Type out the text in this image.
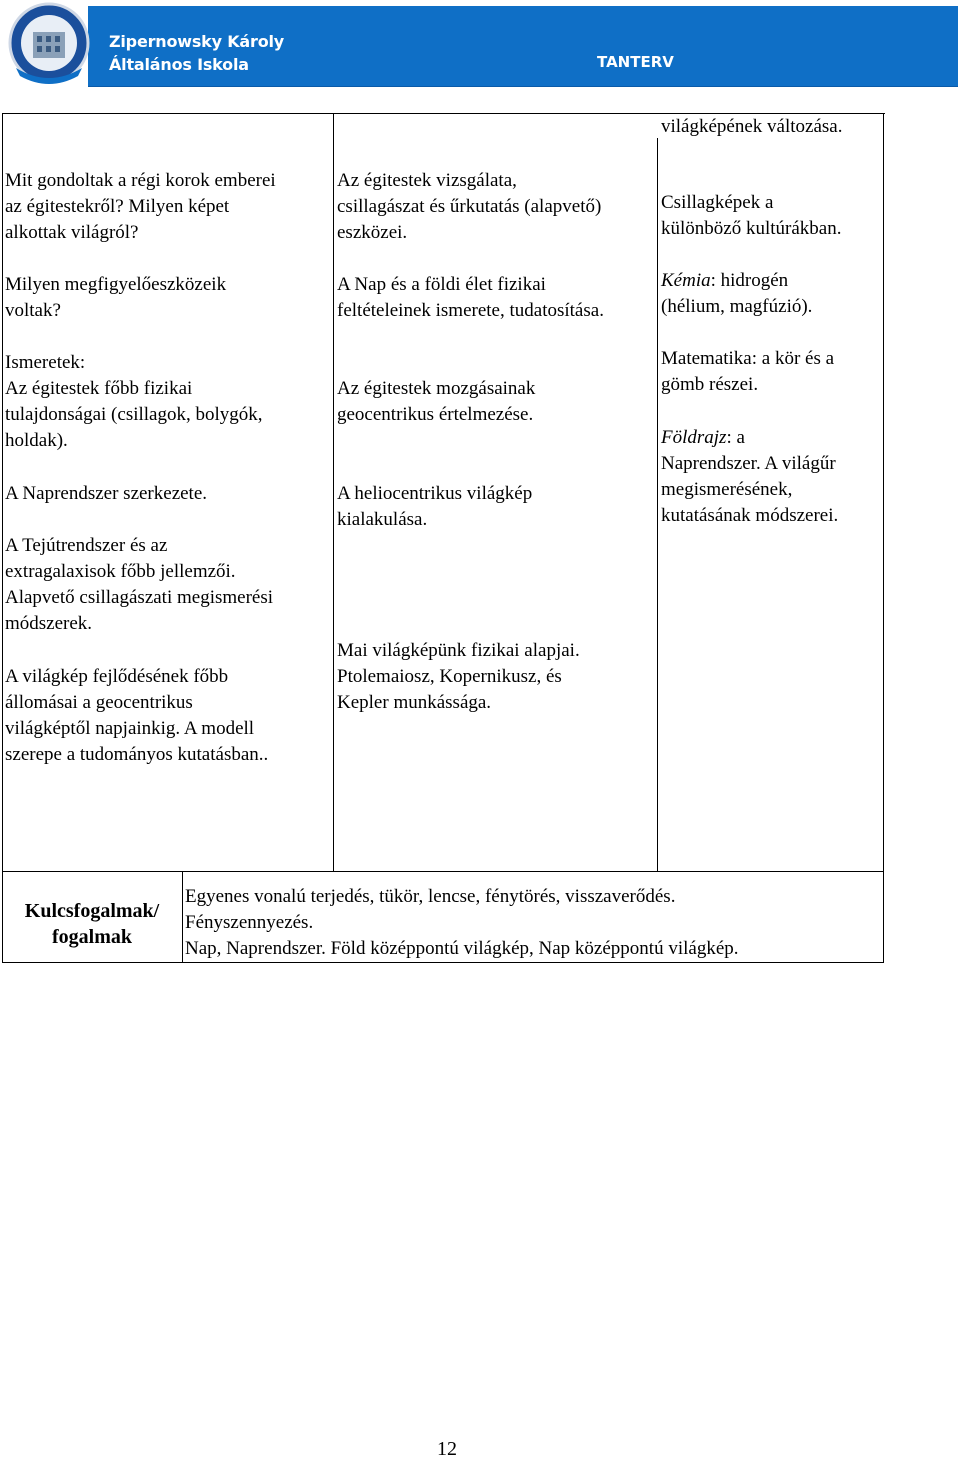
Zipernowsky Károly
Általános Iskola	TANTERV
Mit gondoltak a régi korok emberei
az égitestekről? Milyen képet
alkottak világról?
Milyen megfigyelőeszközeik
voltak?
Ismeretek:
Az égitestek főbb fizikai
tulajdonságai (csillagok, bolygók,
holdak).
A Naprendszer szerkezete.
A Tejútrendszer és az
extragalaxisok főbb jellemzői.
Alapvető csillagászati megismerési
módszerek.
A világkép fejlődésének főbb
állomásai a geocentrikus
világképtől napjainkig. A modell
szerepe a tudományos kutatásban..
Az égitestek vizsgálata,
csillagászat és űrkutatás (alapvető)
eszközei.
A Nap és a földi élet fizikai
feltételeinek ismerete, tudatosítása.
Az égitestek mozgásainak
geocentrikus értelmezése.
A heliocentrikus világkép
kialakulása.
Mai világképünk fizikai alapjai.
Ptolemaiosz, Kopernikusz, és
Kepler munkássága.
világképének változása.
Csillagképek a
különböző kultúrákban.
Kémia: hidrogén
(hélium, magfúzió).
Matematika: a kör és a
gömb részei.
Földrajz: a
Naprendszer. A világűr
megismerésének,
kutatásának módszerei.
Kulcsfogalmak/
fogalmak
Egyenes vonalú terjedés, tükör, lencse, fénytörés, visszaverődés.
Fényszennyezés.
Nap, Naprendszer. Föld középpontú világkép, Nap középpontú világkép.
12
